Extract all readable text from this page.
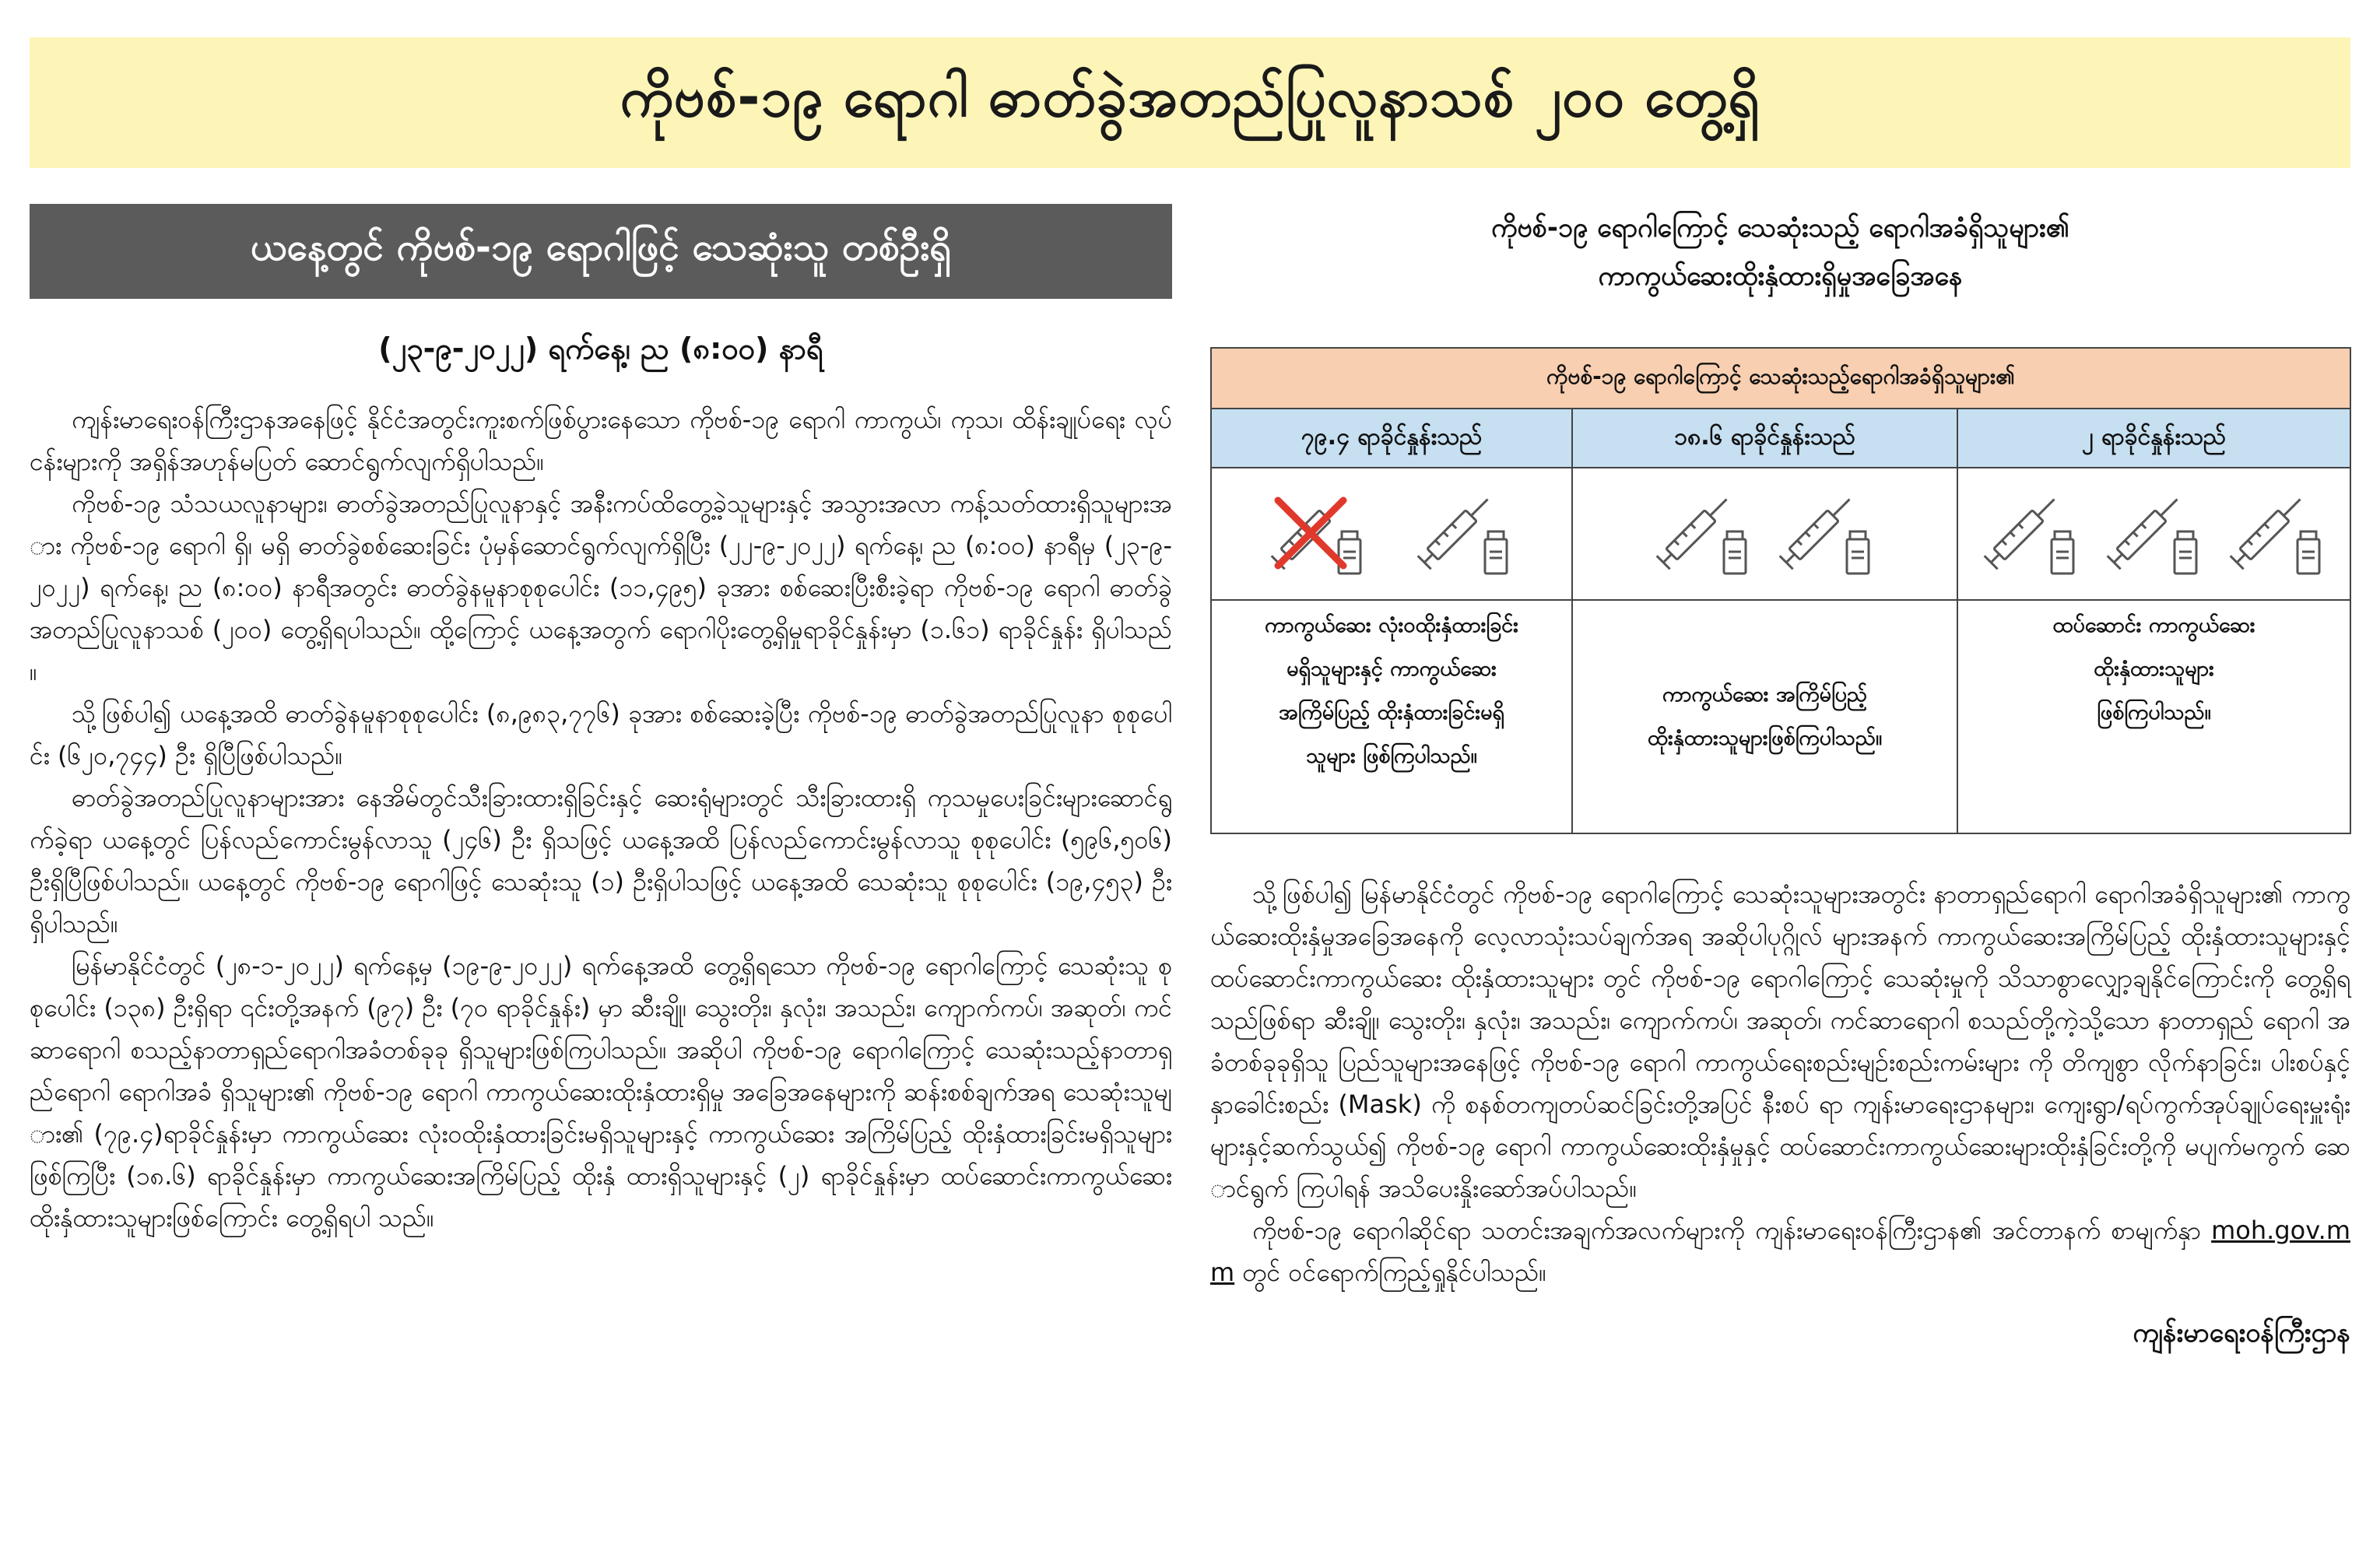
ကိုဗစ်-၁၉ ရောဂါ ဓာတ်ခွဲအတည်ပြုလူနာသစ် ၂၀၀ တွေ့ရှိ
ယနေ့တွင် ကိုဗစ်-၁၉ ရောဂါဖြင့် သေဆုံးသူ တစ်ဦးရှိ
(၂၃-၉-၂၀၂၂) ရက်နေ့၊ ည (၈:၀၀) နာရီ

ကျန်းမာရေးဝန်ကြီးဌာနအနေဖြင့် နိုင်ငံအတွင်းကူးစက်ဖြစ်ပွားနေသော ကိုဗစ်-၁၉ ရောဂါ ကာကွယ်၊ ကုသ၊ ထိန်းချုပ်ရေး လုပ်ငန်းများကို အရှိန်အဟုန်မပြတ် ဆောင်ရွက်လျက်ရှိပါသည်။

ကိုဗစ်-၁၉ သံသယလူနာများ၊ ဓာတ်ခွဲအတည်ပြုလူနာနှင့် အနီးကပ်ထိတွေ့ခဲ့သူများနှင့် အသွားအလာ ကန့်သတ်ထားရှိသူများအား ကိုဗစ်-၁၉ ရောဂါ ရှိ၊ မရှိ ဓာတ်ခွဲစစ်ဆေးခြင်း ပုံမှန်ဆောင်ရွက်လျက်ရှိပြီး (၂၂-၉-၂၀၂၂) ရက်နေ့၊ ည (၈:၀၀) နာရီမှ (၂၃-၉-၂၀၂၂) ရက်နေ့၊ ည (၈:၀၀) နာရီအတွင်း ဓာတ်ခွဲနမူနာစုစုပေါင်း (၁၁,၄၉၅) ခုအား စစ်ဆေးပြီးစီးခဲ့ရာ ကိုဗစ်-၁၉ ရောဂါ ဓာတ်ခွဲအတည်ပြုလူနာသစ် (၂၀၀) တွေ့ရှိရပါသည်။ ထို့ကြောင့် ယနေ့အတွက် ရောဂါပိုးတွေ့ရှိမှုရာခိုင်နှုန်းမှာ (၁.၆၁) ရာခိုင်နှုန်း ရှိပါသည်။

သို့ဖြစ်ပါ၍ ယနေ့အထိ ဓာတ်ခွဲနမူနာစုစုပေါင်း (၈,၉၈၃,၇၇၆) ခုအား စစ်ဆေးခဲ့ပြီး ကိုဗစ်-၁၉ ဓာတ်ခွဲအတည်ပြုလူနာ စုစုပေါင်း (၆၂၀,၇၄၄) ဦး ရှိပြီဖြစ်ပါသည်။

ဓာတ်ခွဲအတည်ပြုလူနာများအား နေအိမ်တွင်သီးခြားထားရှိခြင်းနှင့် ဆေးရုံများတွင် သီးခြားထားရှိ ကုသမှုပေးခြင်းများဆောင်ရွက်ခဲ့ရာ ယနေ့တွင် ပြန်လည်ကောင်းမွန်လာသူ (၂၄၆) ဦး ရှိသဖြင့် ယနေ့အထိ ပြန်လည်ကောင်းမွန်လာသူ စုစုပေါင်း (၅၉၆,၅၀၆) ဦးရှိပြီဖြစ်ပါသည်။ ယနေ့တွင် ကိုဗစ်-၁၉ ရောဂါဖြင့် သေဆုံးသူ (၁) ဦးရှိပါသဖြင့် ယနေ့အထိ သေဆုံးသူ စုစုပေါင်း (၁၉,၄၅၃) ဦး ရှိပါသည်။

မြန်မာနိုင်ငံတွင် (၂၈-၁-၂၀၂၂) ရက်နေ့မှ (၁၉-၉-၂၀၂၂) ရက်နေ့အထိ တွေ့ရှိရသော ကိုဗစ်-၁၉ ရောဂါကြောင့် သေဆုံးသူ စုစုပေါင်း (၁၃၈) ဦးရှိရာ ၎င်းတို့အနက် (၉၇) ဦး (၇၀ ရာခိုင်နှုန်း) မှာ ဆီးချို၊ သွေးတိုး၊ နှလုံး၊ အသည်း၊ ကျောက်ကပ်၊ အဆုတ်၊ ကင်ဆာရောဂါ စသည့်နာတာရှည်ရောဂါအခံတစ်ခုခု ရှိသူများဖြစ်ကြပါသည်။ အဆိုပါ ကိုဗစ်-၁၉ ရောဂါကြောင့် သေဆုံးသည့်နာတာရှည်ရောဂါ ရောဂါအခံ ရှိသူများ၏ ကိုဗစ်-၁၉ ရောဂါ ကာကွယ်ဆေးထိုးနှံထားရှိမှု အခြေအနေများကို ဆန်းစစ်ချက်အရ သေဆုံးသူများ၏ (၇၉.၄)ရာခိုင်နှုန်းမှာ ကာကွယ်ဆေး လုံးဝထိုးနှံထားခြင်းမရှိသူများနှင့် ကာကွယ်ဆေး အကြိမ်ပြည့် ထိုးနှံထားခြင်းမရှိသူများဖြစ်ကြပြီး (၁၈.၆) ရာခိုင်နှုန်းမှာ ကာကွယ်ဆေးအကြိမ်ပြည့် ထိုးနှံ ထားရှိသူများနှင့် (၂) ရာခိုင်နှုန်းမှာ ထပ်ဆောင်းကာကွယ်ဆေး ထိုးနှံထားသူများဖြစ်ကြောင်း တွေ့ရှိရပါ သည်။

ကိုဗစ်-၁၉ ရောဂါကြောင့် သေဆုံးသည့် ရောဂါအခံရှိသူများ၏
ကာကွယ်ဆေးထိုးနှံထားရှိမှုအခြေအနေ
ကိုဗစ်-၁၉ ရောဂါကြောင့် သေဆုံးသည့်ရောဂါအခံရှိသူများ၏
၇၉.၄ ရာခိုင်နှုန်းသည်	၁၈.၆ ရာခိုင်နှုန်းသည်	၂ ရာခိုင်နှုန်းသည်
ကာကွယ်ဆေး လုံးဝထိုးနှံထားခြင်း
မရှိသူများနှင့် ကာကွယ်ဆေး
အကြိမ်ပြည့် ထိုးနှံထားခြင်းမရှိ
သူများ ဖြစ်ကြပါသည်။
ကာကွယ်ဆေး အကြိမ်ပြည့်
ထိုးနှံထားသူများဖြစ်ကြပါသည်။
ထပ်ဆောင်း ကာကွယ်ဆေး
ထိုးနှံထားသူများ
ဖြစ်ကြပါသည်။

သို့ဖြစ်ပါ၍ မြန်မာနိုင်ငံတွင် ကိုဗစ်-၁၉ ရောဂါကြောင့် သေဆုံးသူများအတွင်း နာတာရှည်ရောဂါ ရောဂါအခံရှိသူများ၏ ကာကွယ်ဆေးထိုးနှံမှုအခြေအနေကို လေ့လာသုံးသပ်ချက်အရ အဆိုပါပုဂ္ဂိုလ် များအနက် ကာကွယ်ဆေးအကြိမ်ပြည့် ထိုးနှံထားသူများနှင့် ထပ်ဆောင်းကာကွယ်ဆေး ထိုးနှံထားသူများ တွင် ကိုဗစ်-၁၉ ရောဂါကြောင့် သေဆုံးမှုကို သိသာစွာလျှော့ချနိုင်ကြောင်းကို တွေ့ရှိရသည်ဖြစ်ရာ ဆီးချို၊ သွေးတိုး၊ နှလုံး၊ အသည်း၊ ကျောက်ကပ်၊ အဆုတ်၊ ကင်ဆာရောဂါ စသည်တို့ကဲ့သို့သော နာတာရှည် ရောဂါ အခံတစ်ခုခုရှိသူ ပြည်သူများအနေဖြင့် ကိုဗစ်-၁၉ ရောဂါ ကာကွယ်ရေးစည်းမျဉ်းစည်းကမ်းများ ကို တိကျစွာ လိုက်နာခြင်း၊ ပါးစပ်နှင့် နှာခေါင်းစည်း (Mask) ကို စနစ်တကျတပ်ဆင်ခြင်းတို့အပြင် နီးစပ် ရာ ကျန်းမာရေးဌာနများ၊ ကျေးရွာ/ရပ်ကွက်အုပ်ချုပ်ရေးမှူးရုံးများနှင့်ဆက်သွယ်၍ ကိုဗစ်-၁၉ ရောဂါ ကာကွယ်ဆေးထိုးနှံမှုနှင့် ထပ်ဆောင်းကာကွယ်ဆေးများထိုးနှံခြင်းတို့ကို မပျက်မကွက် ဆောင်ရွက် ကြပါရန် အသိပေးနှိုးဆော်အပ်ပါသည်။

ကိုဗစ်-၁၉ ရောဂါဆိုင်ရာ သတင်းအချက်အလက်များကို ကျန်းမာရေးဝန်ကြီးဌာန၏ အင်တာနက် စာမျက်နှာ moh.gov.mm တွင် ဝင်ရောက်ကြည့်ရှုနိုင်ပါသည်။

ကျန်းမာရေးဝန်ကြီးဌာန
